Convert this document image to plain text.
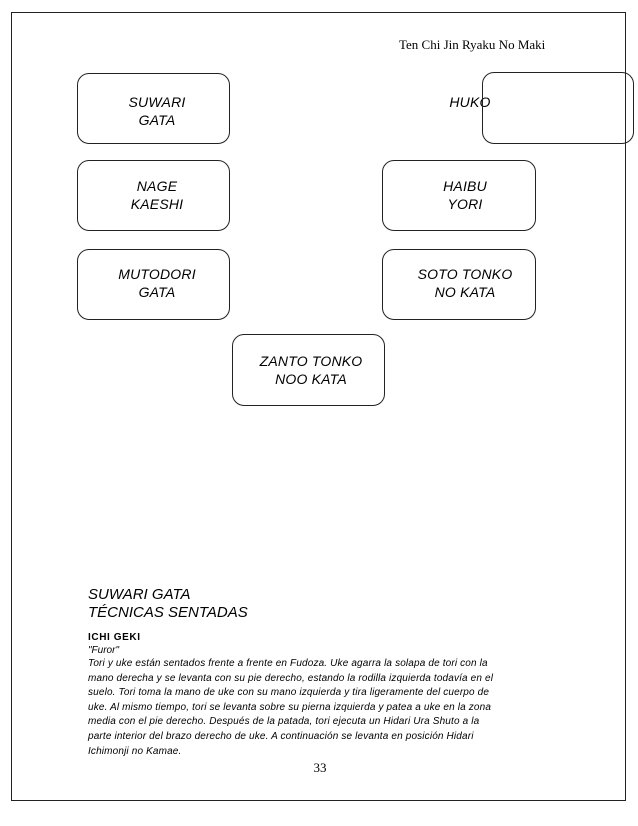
Ten Chi Jin Ryaku No Maki
SUWARI
GATA
HUKO
NAGE
KAESHI
HAIBU
YORI
MUTODORI
GATA
SOTO TONKO
NO KATA
ZANTO TONKO
NOO KATA
SUWARI GATA
TÉCNICAS SENTADAS
ICHI GEKI
"Furor"
Tori y uke están sentados frente a frente en Fudoza. Uke agarra la solapa de tori con la
mano derecha y se levanta con su pie derecho, estando la rodilla izquierda todavía en el
suelo. Tori toma la mano de uke con su mano izquierda y tira ligeramente del cuerpo de
uke. Al mismo tiempo, tori se levanta sobre su pierna izquierda y patea a uke en la zona
media con el pie derecho. Después de la patada, tori ejecuta un Hidari Ura Shuto a la
parte interior del brazo derecho de uke. A continuación se levanta en posición Hidari
Ichimonji no Kamae.
33
